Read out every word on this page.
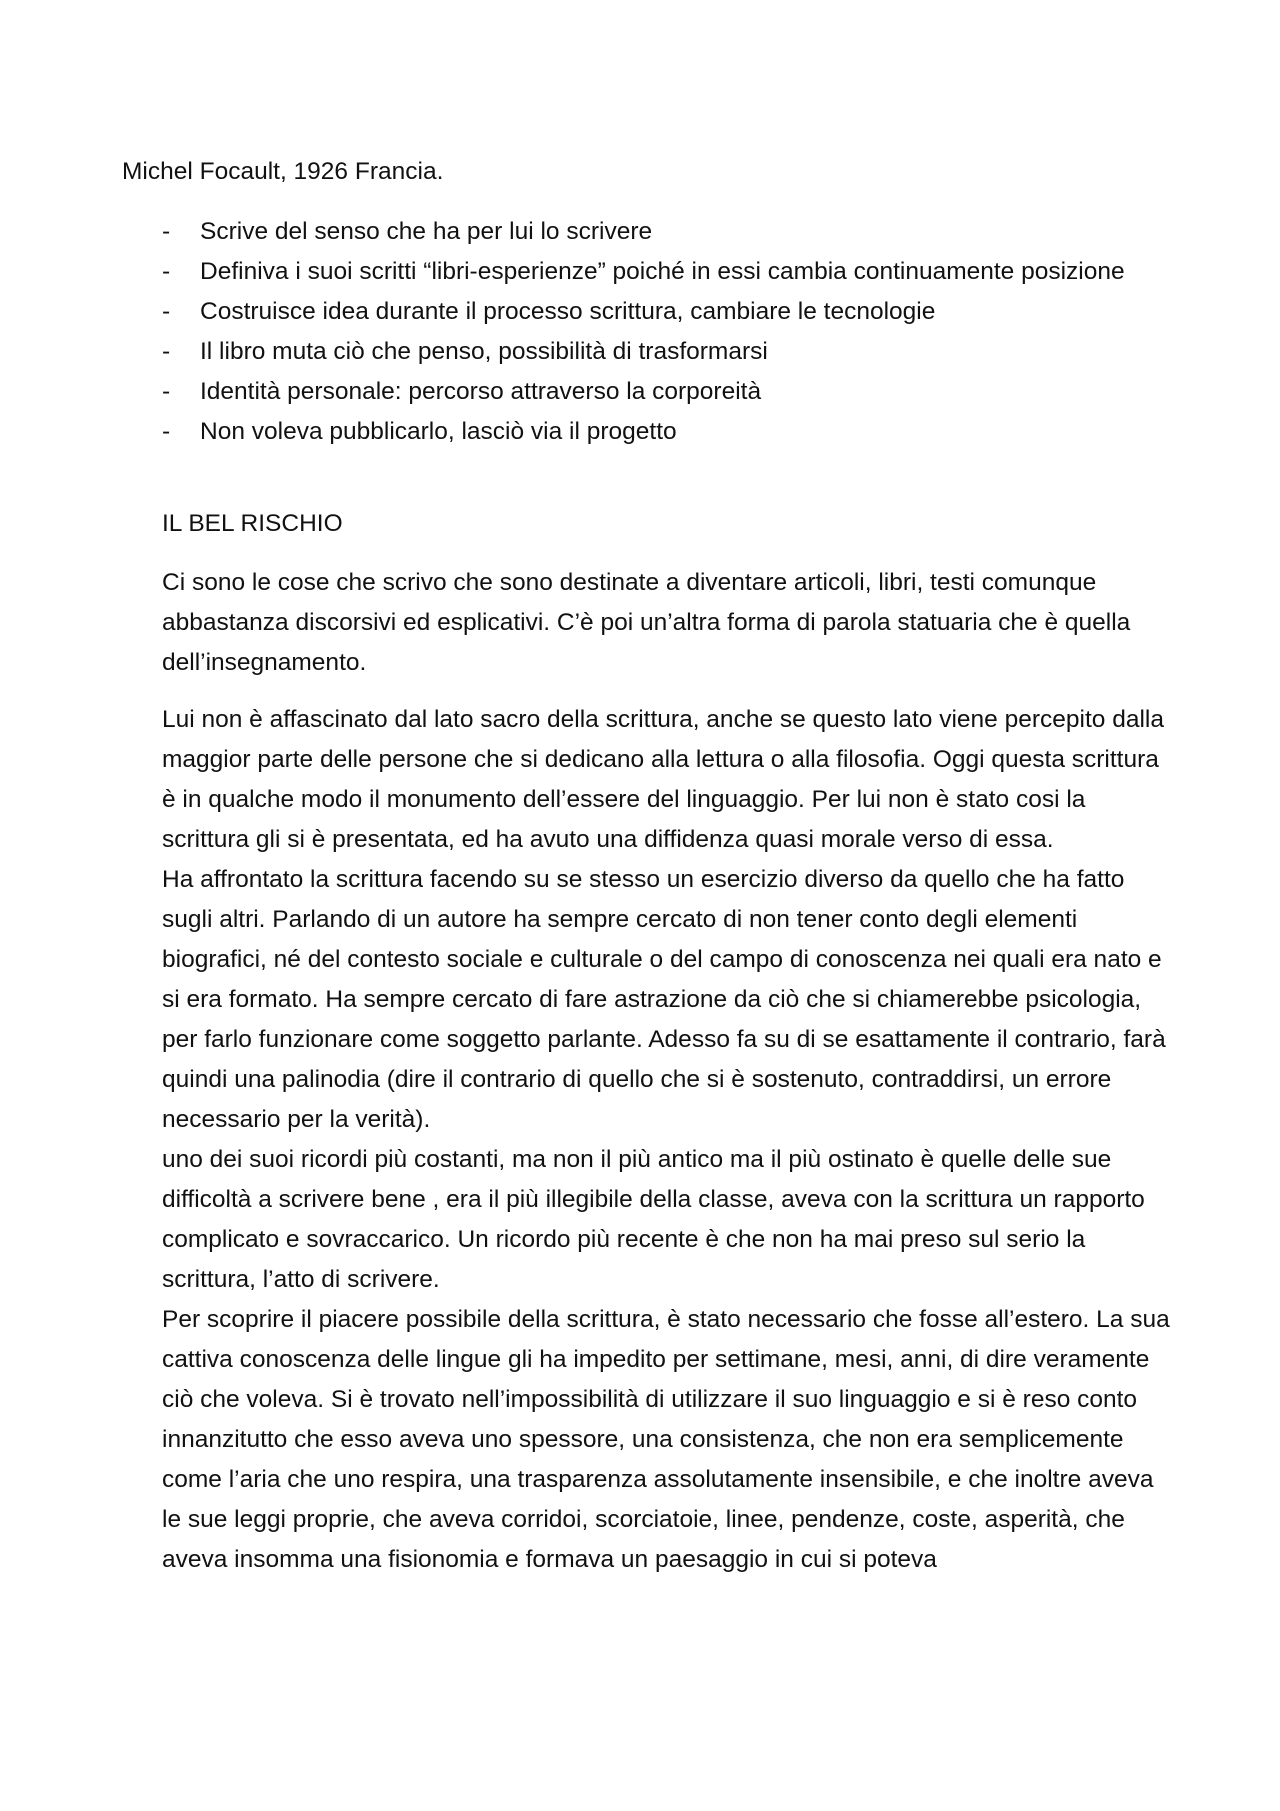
Michel Focault, 1926 Francia.
- Scrive del senso che ha per lui lo scrivere
- Definiva i suoi scritti “libri-esperienze” poiché in essi cambia continuamente posizione
- Costruisce idea durante il processo scrittura, cambiare le tecnologie
- Il libro muta ciò che penso, possibilità di trasformarsi
- Identità personale: percorso attraverso la corporeità
- Non voleva pubblicarlo, lasciò via il progetto
IL BEL RISCHIO

Ci sono le cose che scrivo che sono destinate a diventare articoli, libri, testi comunque abbastanza discorsivi ed esplicativi. C’è poi un’altra forma di parola statuaria che è quella dell’insegnamento.

Lui non è affascinato dal lato sacro della scrittura, anche se questo lato viene percepito dalla maggior parte delle persone che si dedicano alla lettura o alla filosofia. Oggi questa scrittura è in qualche modo il monumento dell’essere del linguaggio. Per lui non è stato cosi la scrittura gli si è presentata, ed ha avuto una diffidenza quasi morale verso di essa.
Ha affrontato la scrittura facendo su se stesso un esercizio diverso da quello che ha fatto sugli altri. Parlando di un autore ha sempre cercato di non tener conto degli elementi biografici, né del contesto sociale e culturale o del campo di conoscenza nei quali era nato e si era formato. Ha sempre cercato di fare astrazione da ciò che si chiamerebbe psicologia, per farlo funzionare come soggetto parlante. Adesso fa su di se esattamente il contrario, farà quindi una palinodia (dire il contrario di quello che si è sostenuto, contraddirsi, un errore necessario per la verità).
uno dei suoi ricordi più costanti, ma non il più antico ma il più ostinato è quelle delle sue difficoltà a scrivere bene , era il più illegibile della classe, aveva con la scrittura un rapporto complicato e sovraccarico. Un ricordo più recente è che non ha mai preso sul serio la scrittura, l’atto di scrivere.
Per scoprire il piacere possibile della scrittura, è stato necessario che fosse all’estero. La sua cattiva conoscenza delle lingue gli ha impedito per settimane, mesi, anni, di dire veramente ciò che voleva. Si è trovato nell’impossibilità di utilizzare il suo linguaggio e si è reso conto innanzitutto che esso aveva uno spessore, una consistenza, che non era semplicemente come l’aria che uno respira, una trasparenza assolutamente insensibile, e che inoltre aveva le sue leggi proprie, che aveva corridoi, scorciatoie, linee, pendenze, coste, asperità, che aveva insomma una fisionomia e formava un paesaggio in cui si poteva
